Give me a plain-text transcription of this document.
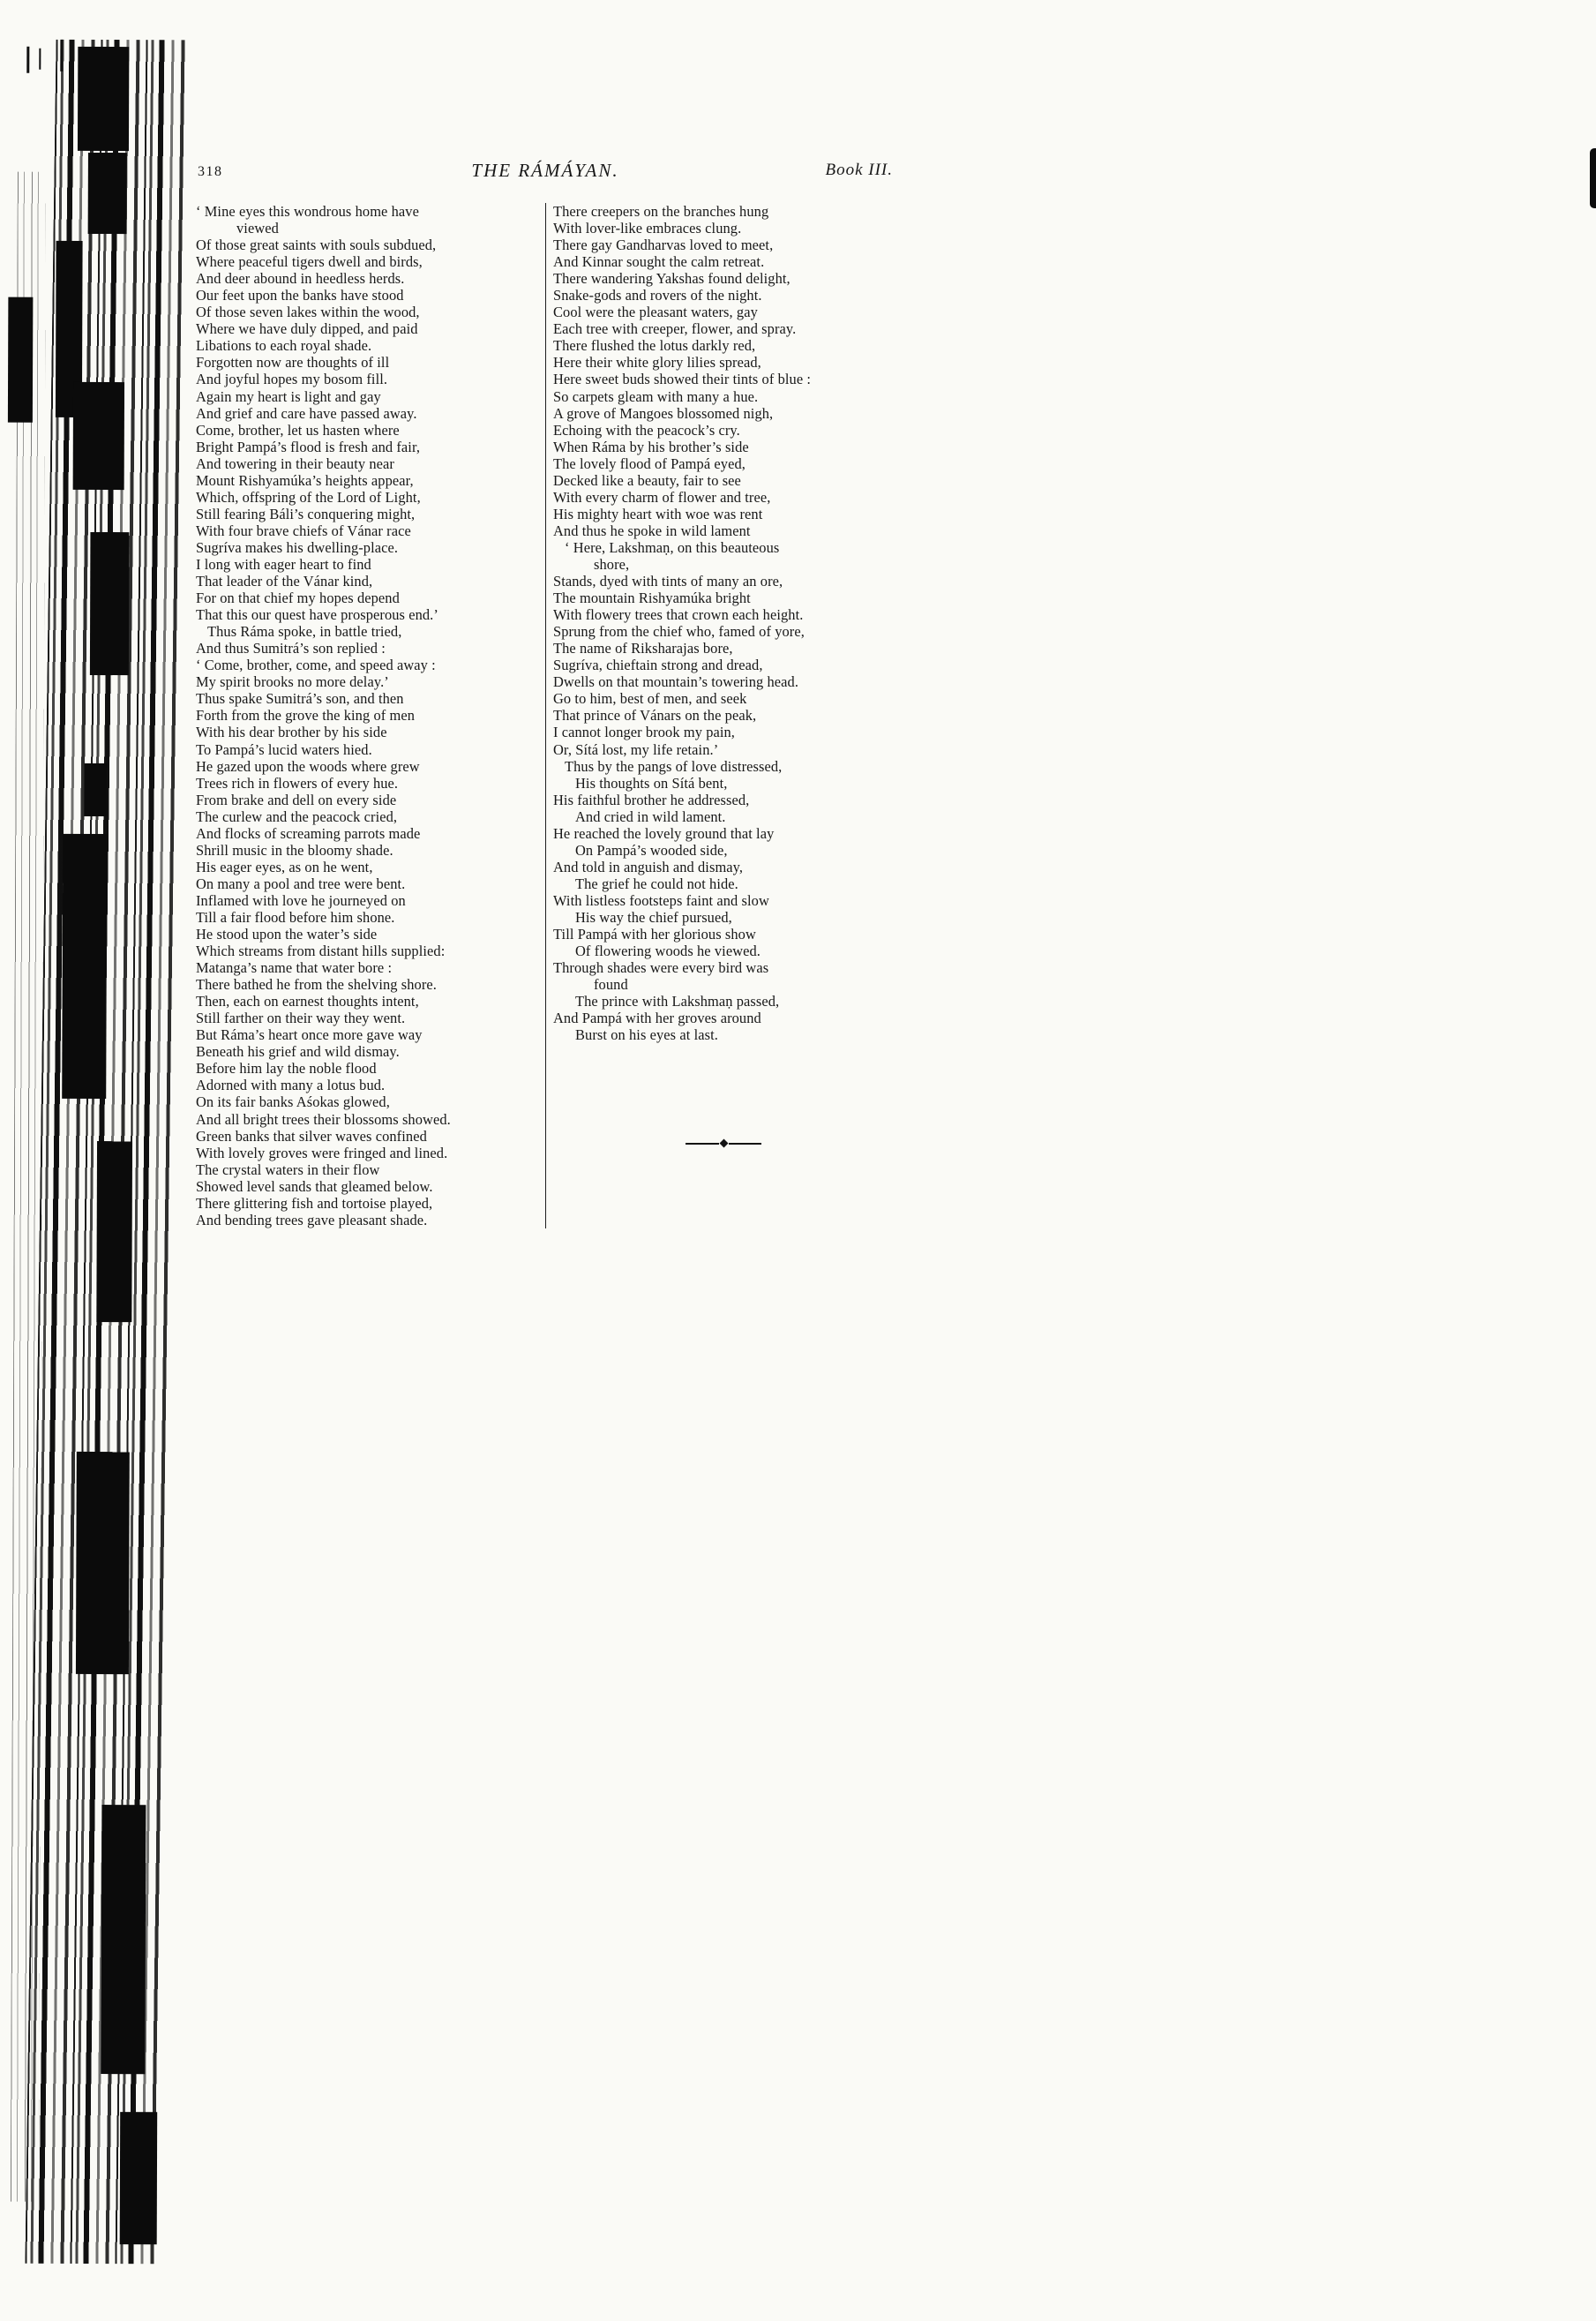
318	THE RÁMÁYAN.	Book III.
‘ Mine eyes this wondrous home have
viewed
Of those great saints with souls subdued,
Where peaceful tigers dwell and birds,
And deer abound in heedless herds.
Our feet upon the banks have stood
Of those seven lakes within the wood,
Where we have duly dipped, and paid
Libations to each royal shade.
Forgotten now are thoughts of ill
And joyful hopes my bosom fill.
Again my heart is light and gay
And grief and care have passed away.
Come, brother, let us hasten where
Bright Pampá’s flood is fresh and fair,
And towering in their beauty near
Mount Rishyamúka’s heights appear,
Which, offspring of the Lord of Light,
Still fearing Báli’s conquering might,
With four brave chiefs of Vánar race
Sugríva makes his dwelling-place.
I long with eager heart to find
That leader of the Vánar kind,
For on that chief my hopes depend
That this our quest have prosperous end.’
Thus Ráma spoke, in battle tried,
And thus Sumitrá’s son replied :
‘ Come, brother, come, and speed away :
My spirit brooks no more delay.’
Thus spake Sumitrá’s son, and then
Forth from the grove the king of men
With his dear brother by his side
To Pampá’s lucid waters hied.
He gazed upon the woods where grew
Trees rich in flowers of every hue.
From brake and dell on every side
The curlew and the peacock cried,
And flocks of screaming parrots made
Shrill music in the bloomy shade.
His eager eyes, as on he went,
On many a pool and tree were bent.
Inflamed with love he journeyed on
Till a fair flood before him shone.
He stood upon the water’s side
Which streams from distant hills supplied:
Matanga’s name that water bore :
There bathed he from the shelving shore.
Then, each on earnest thoughts intent,
Still farther on their way they went.
But Ráma’s heart once more gave way
Beneath his grief and wild dismay.
Before him lay the noble flood
Adorned with many a lotus bud.
On its fair banks Aśokas glowed,
And all bright trees their blossoms showed.
Green banks that silver waves confined
With lovely groves were fringed and lined.
The crystal waters in their flow
Showed level sands that gleamed below.
There glittering fish and tortoise played,
And bending trees gave pleasant shade.
There creepers on the branches hung
With lover-like embraces clung.
There gay Gandharvas loved to meet,
And Kinnar sought the calm retreat.
There wandering Yakshas found delight,
Snake-gods and rovers of the night.
Cool were the pleasant waters, gay
Each tree with creeper, flower, and spray.
There flushed the lotus darkly red,
Here their white glory lilies spread,
Here sweet buds showed their tints of blue :
So carpets gleam with many a hue.
A grove of Mangoes blossomed nigh,
Echoing with the peacock’s cry.
When Ráma by his brother’s side
The lovely flood of Pampá eyed,
Decked like a beauty, fair to see
With every charm of flower and tree,
His mighty heart with woe was rent
And thus he spoke in wild lament
‘ Here, Lakshmaṇ, on this beauteous
shore,
Stands, dyed with tints of many an ore,
The mountain Rishyamúka bright
With flowery trees that crown each height.
Sprung from the chief who, famed of yore,
The name of Riksharajas bore,
Sugríva, chieftain strong and dread,
Dwells on that mountain’s towering head.
Go to him, best of men, and seek
That prince of Vánars on the peak,
I cannot longer brook my pain,
Or, Sítá lost, my life retain.’
Thus by the pangs of love distressed,
His thoughts on Sítá bent,
His faithful brother he addressed,
And cried in wild lament.
He reached the lovely ground that lay
On Pampá’s wooded side,
And told in anguish and dismay,
The grief he could not hide.
With listless footsteps faint and slow
His way the chief pursued,
Till Pampá with her glorious show
Of flowering woods he viewed.
Through shades were every bird was
found
The prince with Lakshmaṇ passed,
And Pampá with her groves around
Burst on his eyes at last.
